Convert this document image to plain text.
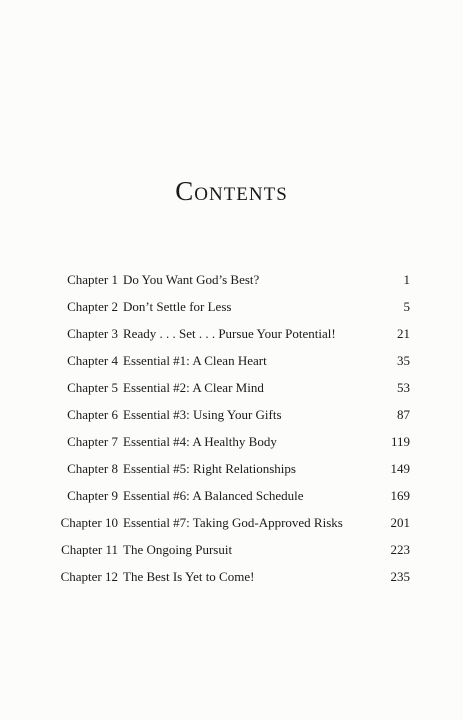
Contents
Chapter 1 Do You Want God’s Best?	1
Chapter 2 Don’t Settle for Less	5
Chapter 3 Ready . . . Set . . . Pursue Your Potential!	21
Chapter 4 Essential #1: A Clean Heart	35
Chapter 5 Essential #2: A Clear Mind	53
Chapter 6 Essential #3: Using Your Gifts	87
Chapter 7 Essential #4: A Healthy Body	119
Chapter 8 Essential #5: Right Relationships	149
Chapter 9 Essential #6: A Balanced Schedule	169
Chapter 10 Essential #7: Taking God-Approved Risks	201
Chapter 11 The Ongoing Pursuit	223
Chapter 12 The Best Is Yet to Come!	235
